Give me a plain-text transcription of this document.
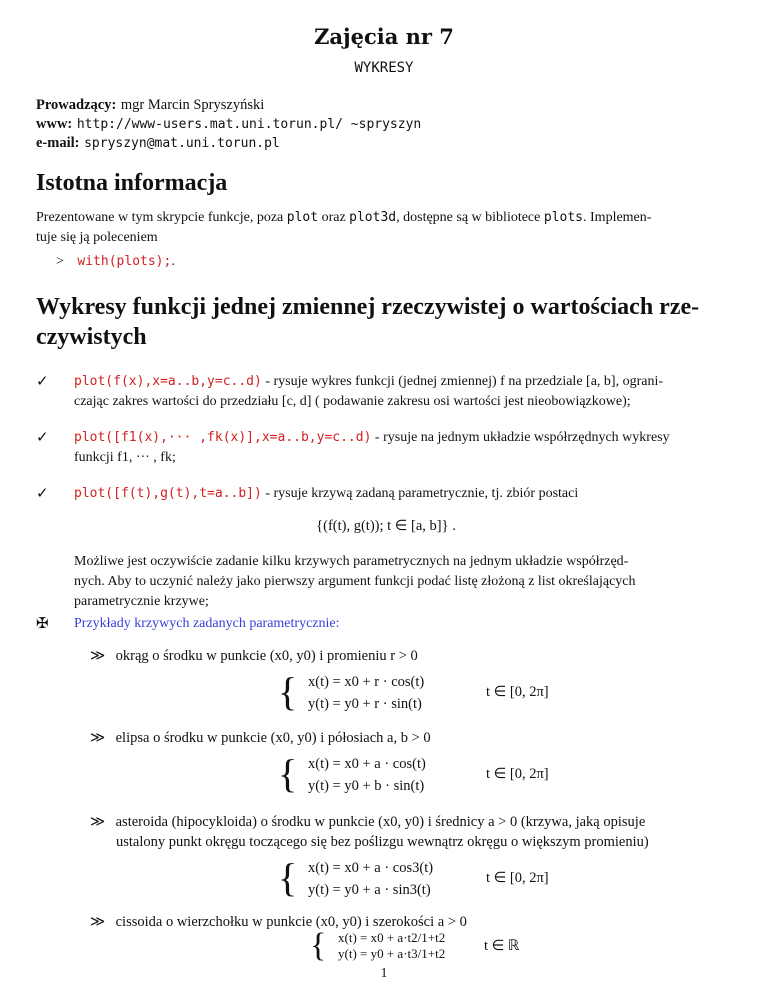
Zajęcia nr 7
WYKRESY
Prowadzący: mgr Marcin Spryszyński
www: http://www-users.mat.uni.torun.pl/ ∼spryszyn
e-mail: spryszyn@mat.uni.torun.pl
Istotna informacja
Prezentowane w tym skrypcie funkcje, poza plot oraz plot3d, dostępne są w bibliotece plots. Implemen-
tuje się ją poleceniem
> with(plots);.
Wykresy funkcji jednej zmiennej rzeczywistej o wartościach rze-
czywistych
✓	plot(f(x),x=a..b,y=c..d) - rysuje wykres funkcji (jednej zmiennej) f na przedziale [a, b], ograni-
czając zakres wartości do przedziału [c, d] ( podawanie zakresu osi wartości jest nieobowiązkowe);
✓	plot([f1(x),··· ,fk(x)],x=a..b,y=c..d) - rysuje na jednym układzie współrzędnych wykresy
funkcji f1, ··· , fk;
✓	plot([f(t),g(t),t=a..b]) - rysuje krzywą zadaną parametrycznie, tj. zbiór postaci
{(f(t), g(t)); t ∈ [a, b]} .
Możliwe jest oczywiście zadanie kilku krzywych parametrycznych na jednym układzie współrzęd-
nych. Aby to uczynić należy jako pierwszy argument funkcji podać listę złożoną z list określających
parametrycznie krzywe;
✠	Przykłady krzywych zadanych parametrycznie:
≫ okrąg o środku w punkcie (x0, y0) i promieniu r > 0
{ x(t) = x0 + r · cos(t)
y(t) = y0 + r · sin(t)
t ∈ [0, 2π]
≫ elipsa o środku w punkcie (x0, y0) i półosiach a, b > 0
{ x(t) = x0 + a · cos(t)
y(t) = y0 + b · sin(t)
t ∈ [0, 2π]
≫ asteroida (hipocykloida) o środku w punkcie (x0, y0) i średnicy a > 0 (krzywa, jaką opisuje
ustalony punkt okręgu toczącego się bez poślizgu wewnątrz okręgu o większym promieniu)
{ x(t) = x0 + a · cos3(t)
y(t) = y0 + a · sin3(t)
t ∈ [0, 2π]
≫ cissoida o wierzchołku w punkcie (x0, y0) i szerokości a > 0
{ x(t) = x0 + a·t2/1+t2
y(t) = y0 + a·t3/1+t2	t ∈ ℝ
1
